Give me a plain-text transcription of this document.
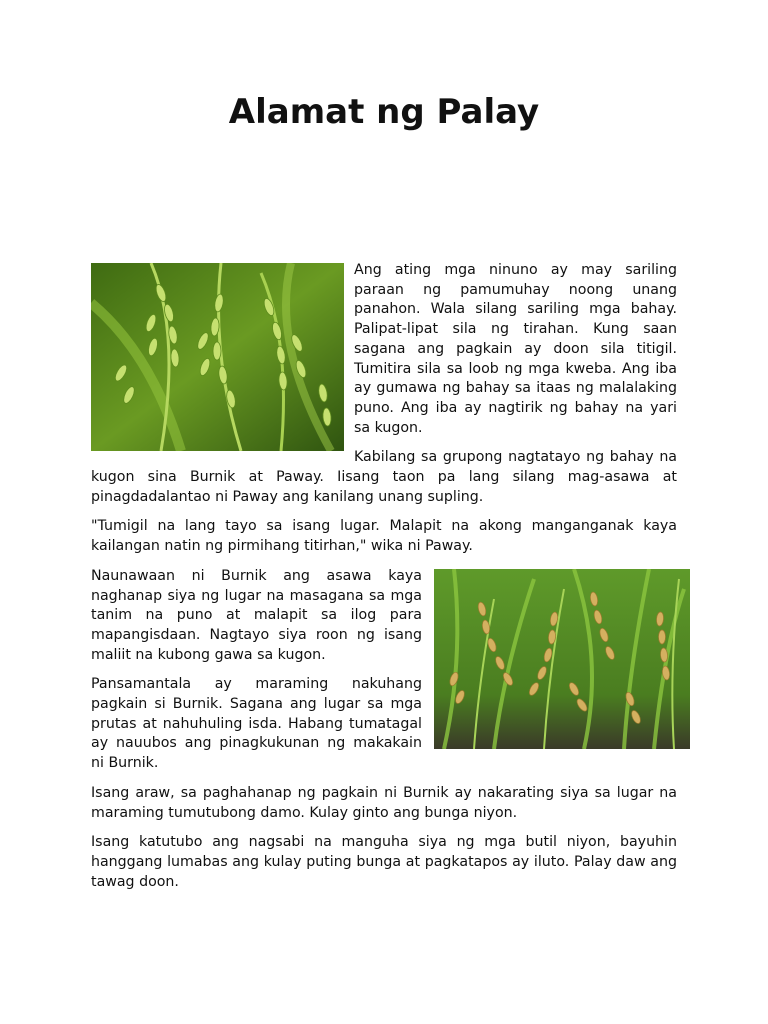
Alamat ng Palay

Ang ating mga ninuno ay may sariling paraan ng pamumuhay noong unang panahon. Wala silang sariling mga bahay. Palipat-lipat sila ng tirahan. Kung saan sagana ang pagkain ay doon sila titigil. Tumitira sila sa loob ng mga kweba. Ang iba ay gumawa ng bahay sa itaas ng malalaking puno. Ang iba ay nagtirik ng bahay na yari sa kugon.

Kabilang sa grupong nagtatayo ng bahay na kugon sina Burnik at Paway. Iisang taon pa lang silang mag-asawa at pinagdadalantao ni Paway ang kanilang unang supling.

"Tumigil na lang tayo sa isang lugar. Malapit na akong manganganak kaya kailangan natin ng pirmihang titirhan," wika ni Paway.

Naunawaan ni Burnik ang asawa kaya naghanap siya ng lugar na masagana sa mga tanim na puno at malapit sa ilog para mapangisdaan. Nagtayo siya roon ng isang maliit na kubong gawa sa kugon.

Pansamantala ay maraming nakuhang pagkain si Burnik. Sagana ang lugar sa mga prutas at nahuhuling isda. Habang tumatagal ay nauubos ang pinagkukunan ng makakain ni Burnik.

Isang araw, sa paghahanap ng pagkain ni Burnik ay nakarating siya sa lugar na maraming tumutubong damo. Kulay ginto ang bunga niyon.

Isang katutubo ang nagsabi na manguha siya ng mga butil niyon, bayuhin hanggang lumabas ang kulay puting bunga at pagkatapos ay iluto. Palay daw ang tawag doon.
